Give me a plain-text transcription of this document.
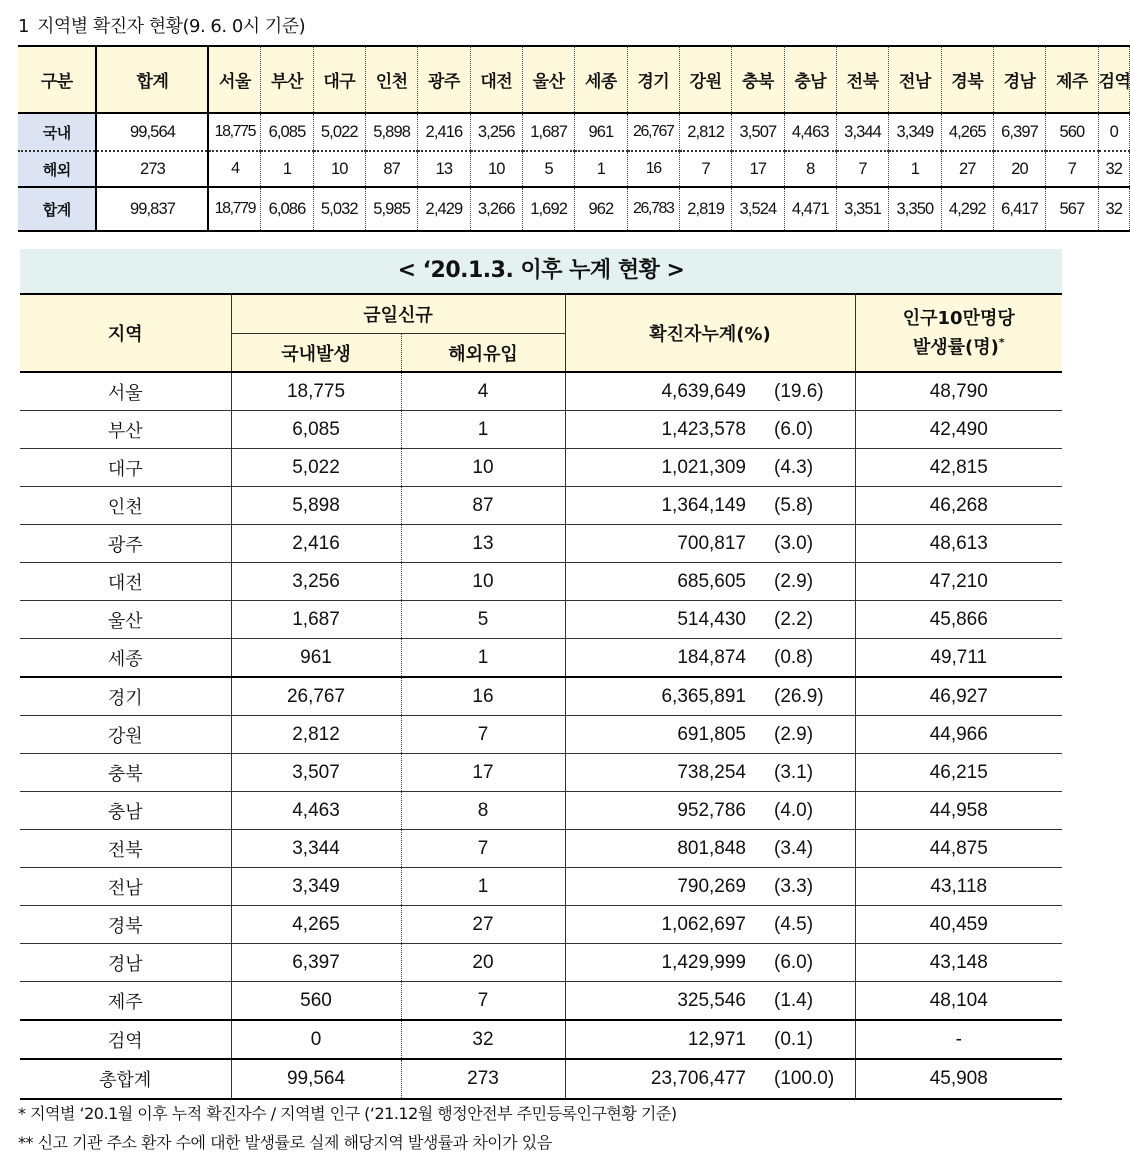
1 지역별 확진자 현황(9. 6. 0시 기준)
구분	합계	서울	부산	대구	인천	광주	대전	울산	세종	경기	강원	충북	충남	전북	전남	경북	경남	제주	검역
국내	99,564	18,775	6,085	5,022	5,898	2,416	3,256	1,687	961	26,767	2,812	3,507	4,463	3,344	3,349	4,265	6,397	560	0
해외	273	4	1	10	87	13	10	5	1	16	7	17	8	7	1	27	20	7	32
합계	99,837	18,779	6,086	5,032	5,985	2,429	3,266	1,692	962	26,783	2,819	3,524	4,471	3,351	3,350	4,292	6,417	567	32
< ‘20.1.3. 이후 누계 현황 >
지역	금일신규		확진자누계(%)		인구10만명당
발생률(명)*
	국내발생	해외유입			
서울	18,775	4	4,639,649	(19.6)	48,790
부산	6,085	1	1,423,578	(6.0)	42,490
대구	5,022	10	1,021,309	(4.3)	42,815
인천	5,898	87	1,364,149	(5.8)	46,268
광주	2,416	13	700,817	(3.0)	48,613
대전	3,256	10	685,605	(2.9)	47,210
울산	1,687	5	514,430	(2.2)	45,866
세종	961	1	184,874	(0.8)	49,711
경기	26,767	16	6,365,891	(26.9)	46,927
강원	2,812	7	691,805	(2.9)	44,966
충북	3,507	17	738,254	(3.1)	46,215
충남	4,463	8	952,786	(4.0)	44,958
전북	3,344	7	801,848	(3.4)	44,875
전남	3,349	1	790,269	(3.3)	43,118
경북	4,265	27	1,062,697	(4.5)	40,459
경남	6,397	20	1,429,999	(6.0)	43,148
제주	560	7	325,546	(1.4)	48,104
검역	0	32	12,971	(0.1)	-
총합계	99,564	273	23,706,477	(100.0)	45,908
* 지역별 ‘20.1월 이후 누적 확진자수 / 지역별 인구 (‘21.12월 행정안전부 주민등록인구현황 기준)
** 신고 기관 주소 환자 수에 대한 발생률로 실제 해당지역 발생률과 차이가 있음
